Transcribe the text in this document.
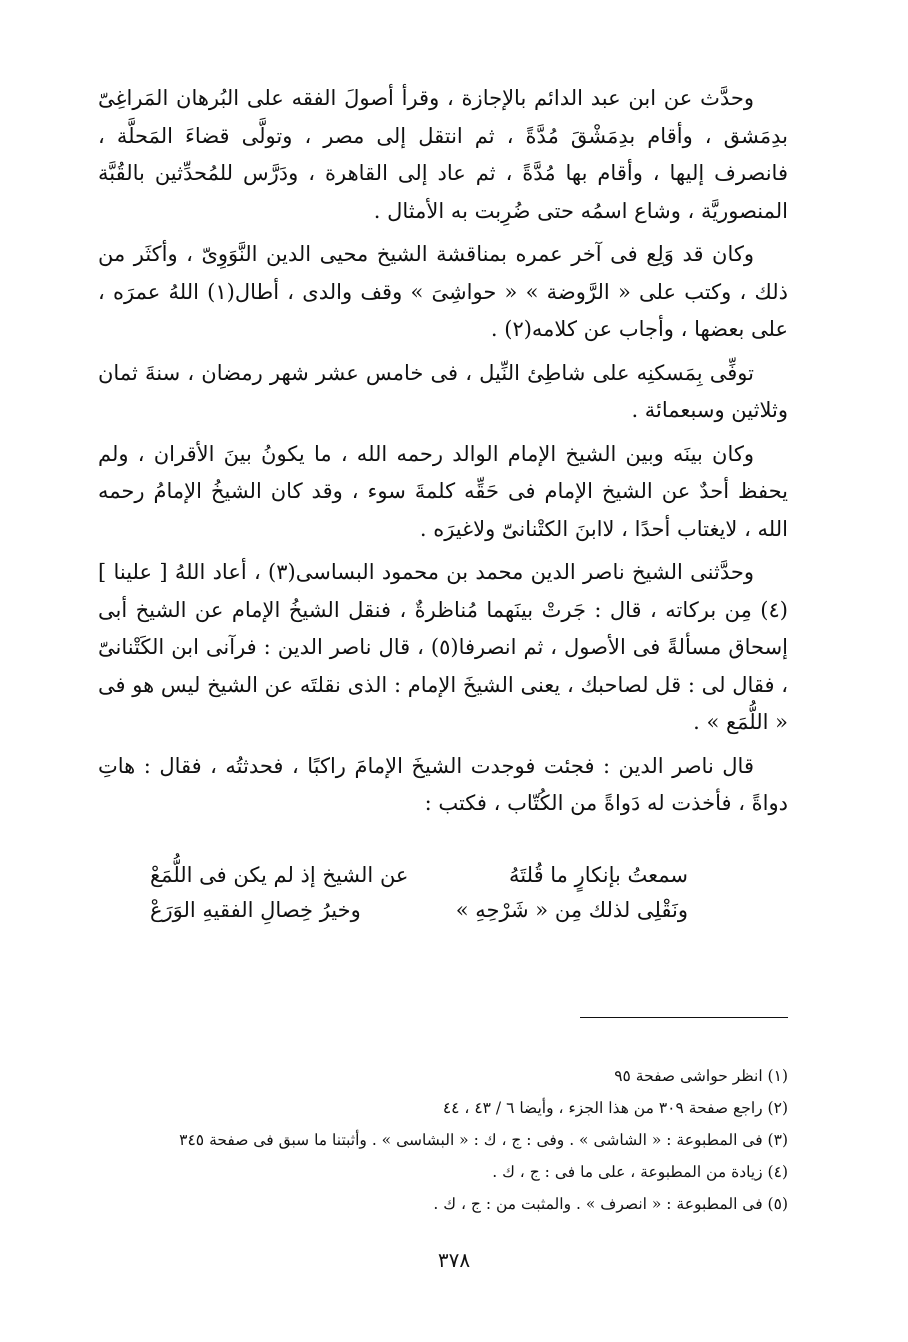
وحدَّث عن ابن عبد الدائم بالإجازة ، وقرأ أصولَ الفقه على البُرهان المَراغِىّ بدِمَشق ، وأقام بدِمَشْقَ مُدَّةً ، ثم انتقل إلى مصر ، وتولَّى قضاءَ المَحلَّة ، فانصرف إليها ، وأقام بها مُدَّةً ، ثم عاد إلى القاهرة ، ودَرَّس للمُحدِّثين بالقُبَّة المنصوريَّة ، وشاع اسمُه حتى ضُرِبت به الأمثال .

وكان قد وَلِع فى آخر عمره بمناقشة الشيخ محيى الدين النَّوَوِىّ ، وأكثَر من ذلك ، وكتب على « الرَّوضة » « حواشِىَ » وقف والدى ، أطال(١) اللهُ عمرَه ، على بعضها ، وأجاب عن كلامه(٢) .

توفِّى بِمَسكنِه على شاطِئ النِّيل ، فى خامس عشر شهر رمضان ، سنةَ ثمان وثلاثين وسبعمائة .

وكان بينَه وبين الشيخ الإمام الوالد رحمه الله ، ما يكونُ بينَ الأقران ، ولم يحفظ أحدٌ عن الشيخ الإمام فى حَقِّه كلمةَ سوء ، وقد كان الشيخُ الإمامُ رحمه الله ، لايغتاب أحدًا ، لاابنَ الكتْنانىّ ولاغيرَه .

وحدَّثنى الشيخ ناصر الدين محمد بن محمود البساسى(٣) ، أعاد اللهُ [ علينا ](٤) مِن بركاته ، قال : جَرتْ بينَهما مُناظرةٌ ، فنقل الشيخُ الإمام عن الشيخ أبى إسحاق مسألةً فى الأصول ، ثم انصرفا(٥) ، قال ناصر الدين : فرآنى ابن الكَتْنانىّ ، فقال لى : قل لصاحبك ، يعنى الشيخَ الإمام : الذى نقلتَه عن الشيخ ليس هو فى « اللُّمَع » .

قال ناصر الدين : فجئت فوجدت الشيخَ الإمامَ راكبًا ، فحدثتُه ، فقال : هاتِ دواةً ، فأخذت له دَواةً من الكُتّاب ، فكتب :

سمعتُ بإنكارٍ ما قُلتَهُ
عن الشيخ إذ لم يكن فى اللُّمَعْ
ونَقْلِى لذلك مِن « شَرْحِهِ »
وخيرُ خِصالِ الفقيهِ الوَرَعْ

(١) انظر حواشى صفحة ٩٥

(٢) راجع صفحة ٣٠٩ من هذا الجزء ، وأيضا ٦ / ٤٣ ، ٤٤

(٣) فى المطبوعة : « الشاشى » . وفى : ج ، ك : « البشاسى » . وأثبتنا ما سبق فى صفحة ٣٤٥

(٤) زيادة من المطبوعة ، على ما فى : ج ، ك .

(٥) فى المطبوعة : « انصرف » . والمثبت من : ج ، ك .

٣٧٨
